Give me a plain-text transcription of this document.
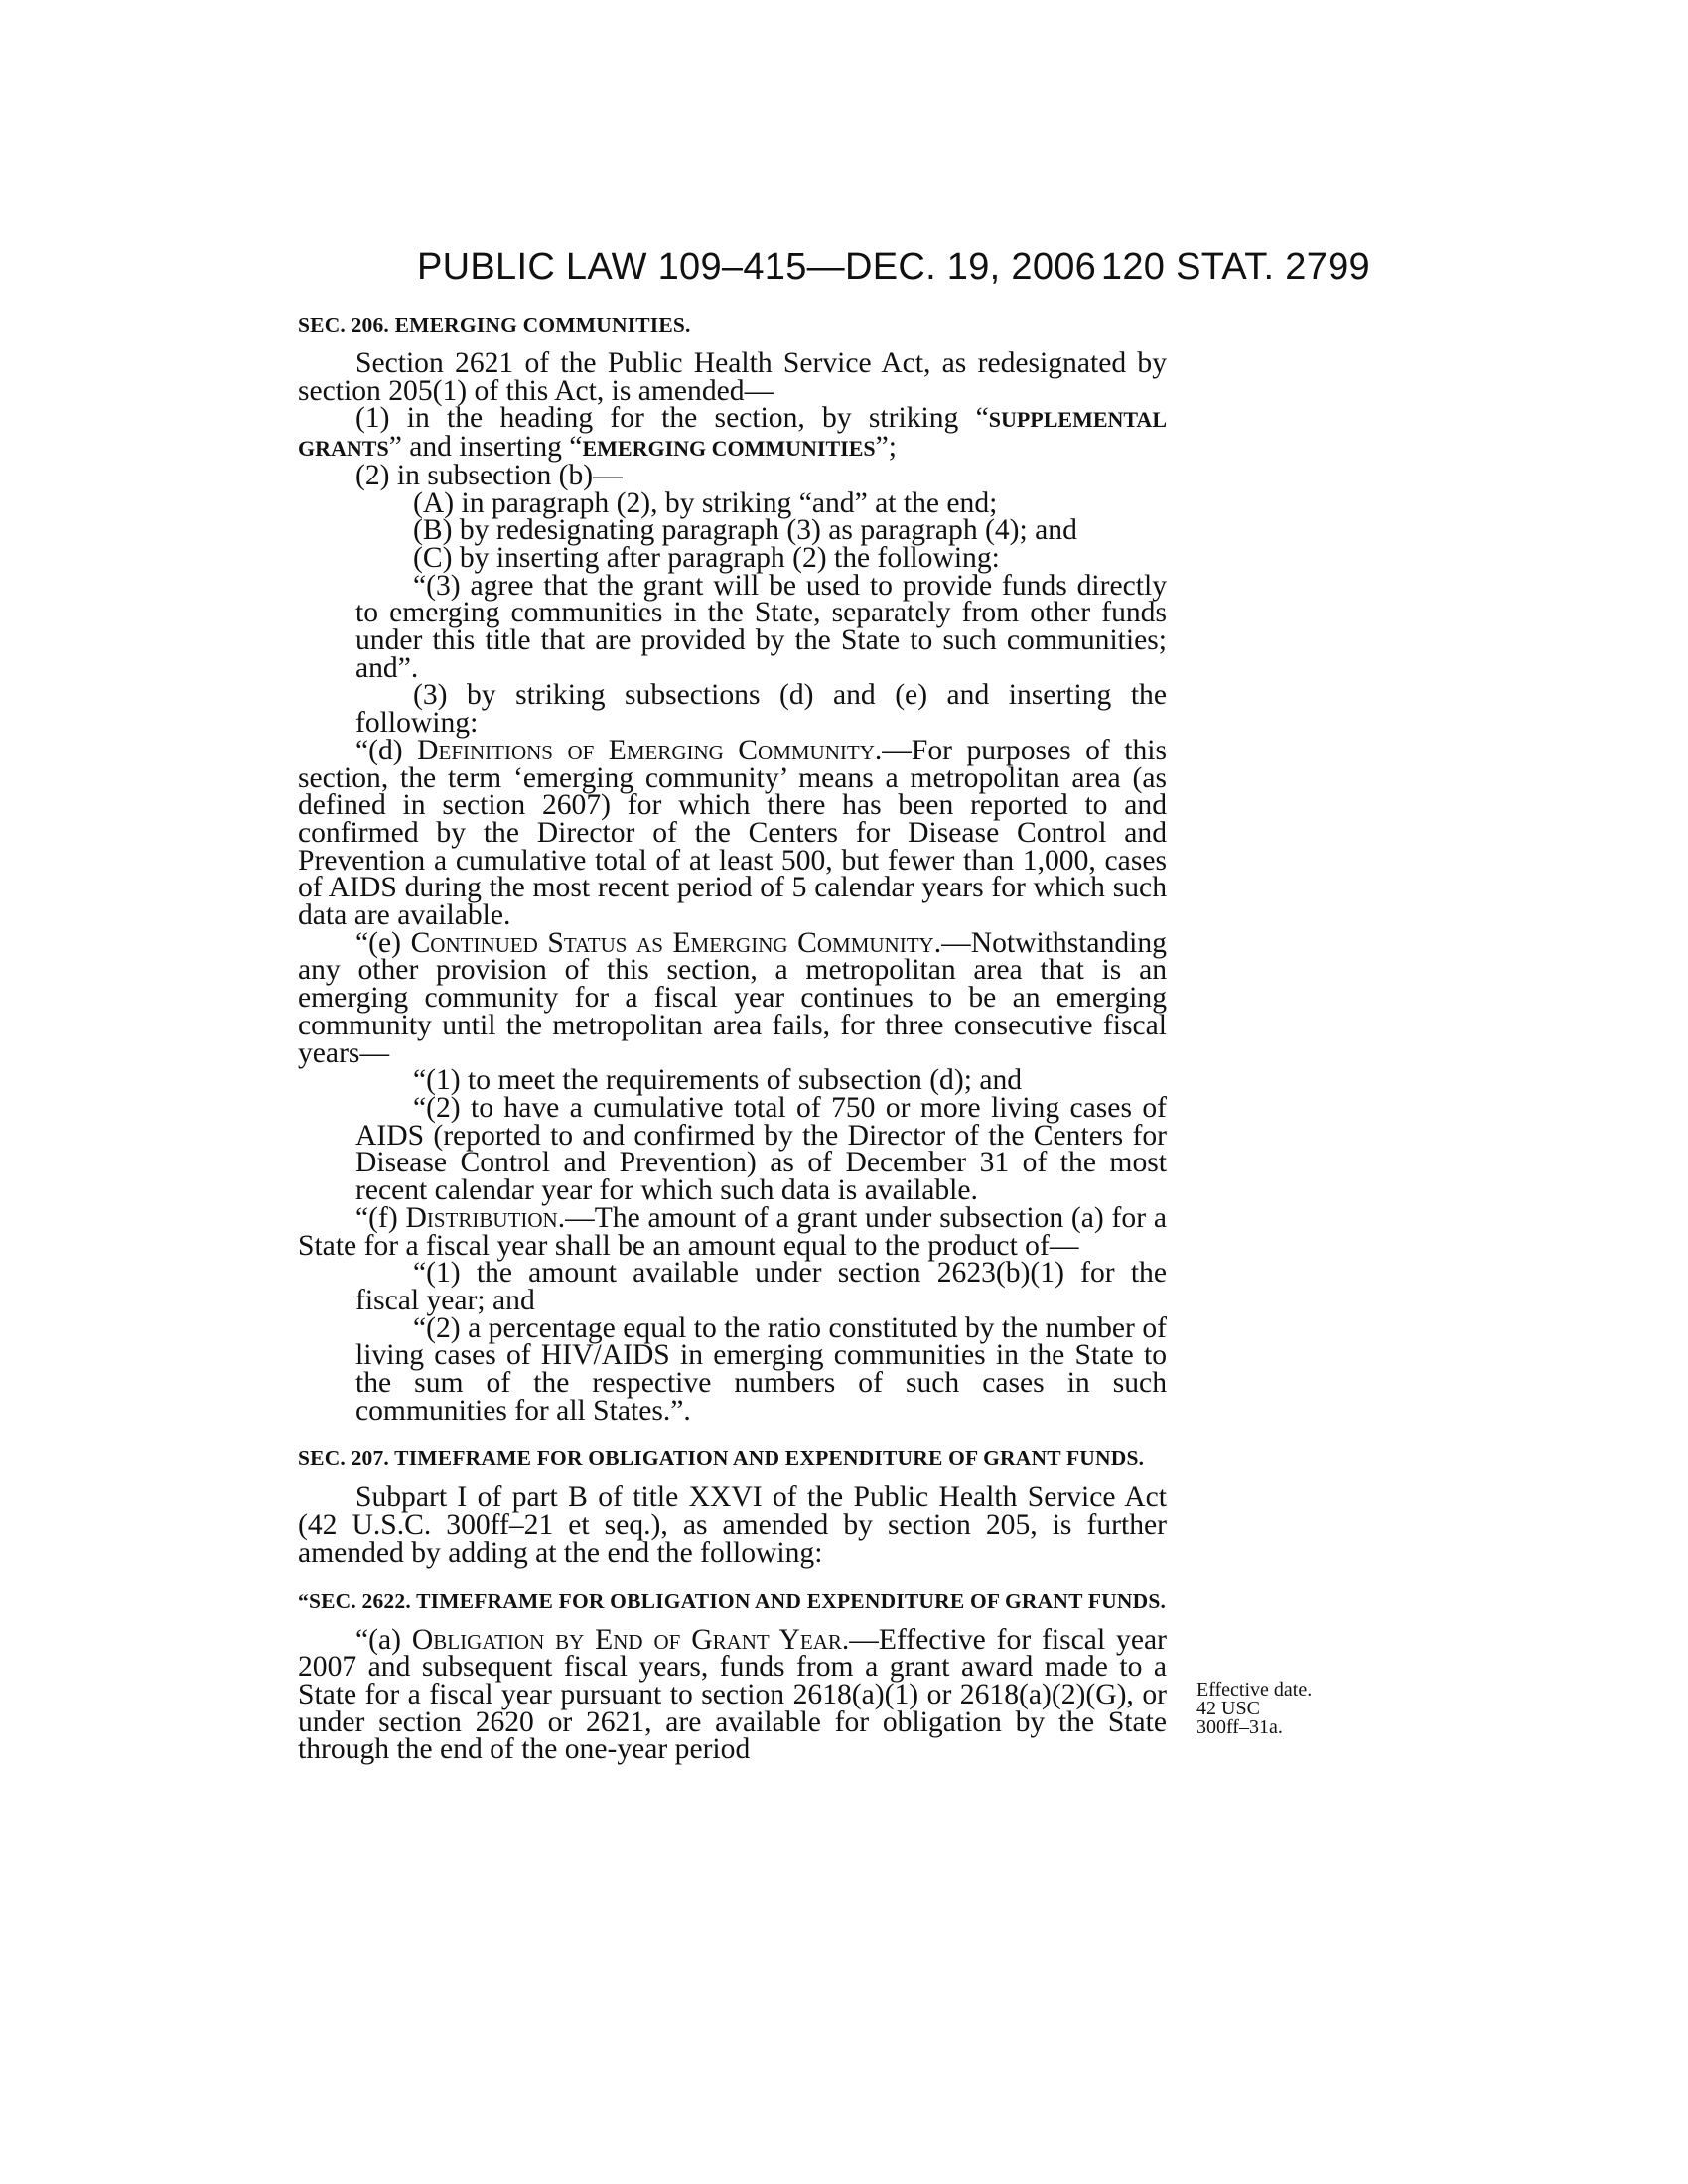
PUBLIC LAW 109–415—DEC. 19, 2006 120 STAT. 2799

SEC. 206. EMERGING COMMUNITIES.

Section 2621 of the Public Health Service Act, as redesignated by section 205(1) of this Act, is amended—

(1) in the heading for the section, by striking “SUPPLEMENTAL GRANTS” and inserting “EMERGING COMMUNITIES”;

(2) in subsection (b)—

(A) in paragraph (2), by striking “and” at the end;

(B) by redesignating paragraph (3) as paragraph (4); and

(C) by inserting after paragraph (2) the following:

“(3) agree that the grant will be used to provide funds directly to emerging communities in the State, separately from other funds under this title that are provided by the State to such communities; and”.

(3) by striking subsections (d) and (e) and inserting the following:

“(d) Definitions of Emerging Community.—For purposes of this section, the term ‘emerging community’ means a metropolitan area (as defined in section 2607) for which there has been reported to and confirmed by the Director of the Centers for Disease Control and Prevention a cumulative total of at least 500, but fewer than 1,000, cases of AIDS during the most recent period of 5 calendar years for which such data are available.

“(e) Continued Status as Emerging Community.—Notwithstanding any other provision of this section, a metropolitan area that is an emerging community for a fiscal year continues to be an emerging community until the metropolitan area fails, for three consecutive fiscal years—

“(1) to meet the requirements of subsection (d); and

“(2) to have a cumulative total of 750 or more living cases of AIDS (reported to and confirmed by the Director of the Centers for Disease Control and Prevention) as of December 31 of the most recent calendar year for which such data is available.

“(f) Distribution.—The amount of a grant under subsection (a) for a State for a fiscal year shall be an amount equal to the product of—

“(1) the amount available under section 2623(b)(1) for the fiscal year; and

“(2) a percentage equal to the ratio constituted by the number of living cases of HIV/AIDS in emerging communities in the State to the sum of the respective numbers of such cases in such communities for all States.”.

SEC. 207. TIMEFRAME FOR OBLIGATION AND EXPENDITURE OF GRANT FUNDS.

Subpart I of part B of title XXVI of the Public Health Service Act (42 U.S.C. 300ff–21 et seq.), as amended by section 205, is further amended by adding at the end the following:

“SEC. 2622. TIMEFRAME FOR OBLIGATION AND EXPENDITURE OF GRANT FUNDS.

“(a) Obligation by End of Grant Year.—Effective for fiscal year 2007 and subsequent fiscal years, funds from a grant award made to a State for a fiscal year pursuant to section 2618(a)(1) or 2618(a)(2)(G), or under section 2620 or 2621, are available for obligation by the State through the end of the one-year period

Effective date.
42 USC
300ff–31a.
